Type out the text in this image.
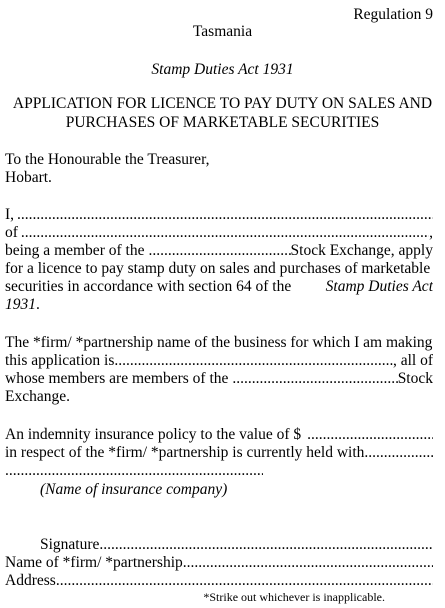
Regulation 9
Tasmania
Stamp Duties Act 1931
APPLICATION FOR LICENCE TO PAY DUTY ON SALES AND
PURCHASES OF MARKETABLE SECURITIES
To the Honourable the Treasurer,
Hobart.
I,
.....
of .....	,
being a member of the .....	Stock Exchange, apply
for a licence to pay stamp duty on sales and purchases of marketable
securities in accordance with section 64 of the Stamp Duties Act
1931.
The *firm/ *partnership name of the business for which I am making
this application is .....	, all of
whose members are members of the .....	Stock
Exchange.
An indemnity insurance policy to the value of $
.....
in respect of the *firm/ *partnership is currently held with
.....
.....
(Name of insurance company)
Signature
.....
Name of *firm/ *partnership
.....
Address
.....
*Strike out whichever is inapplicable.
